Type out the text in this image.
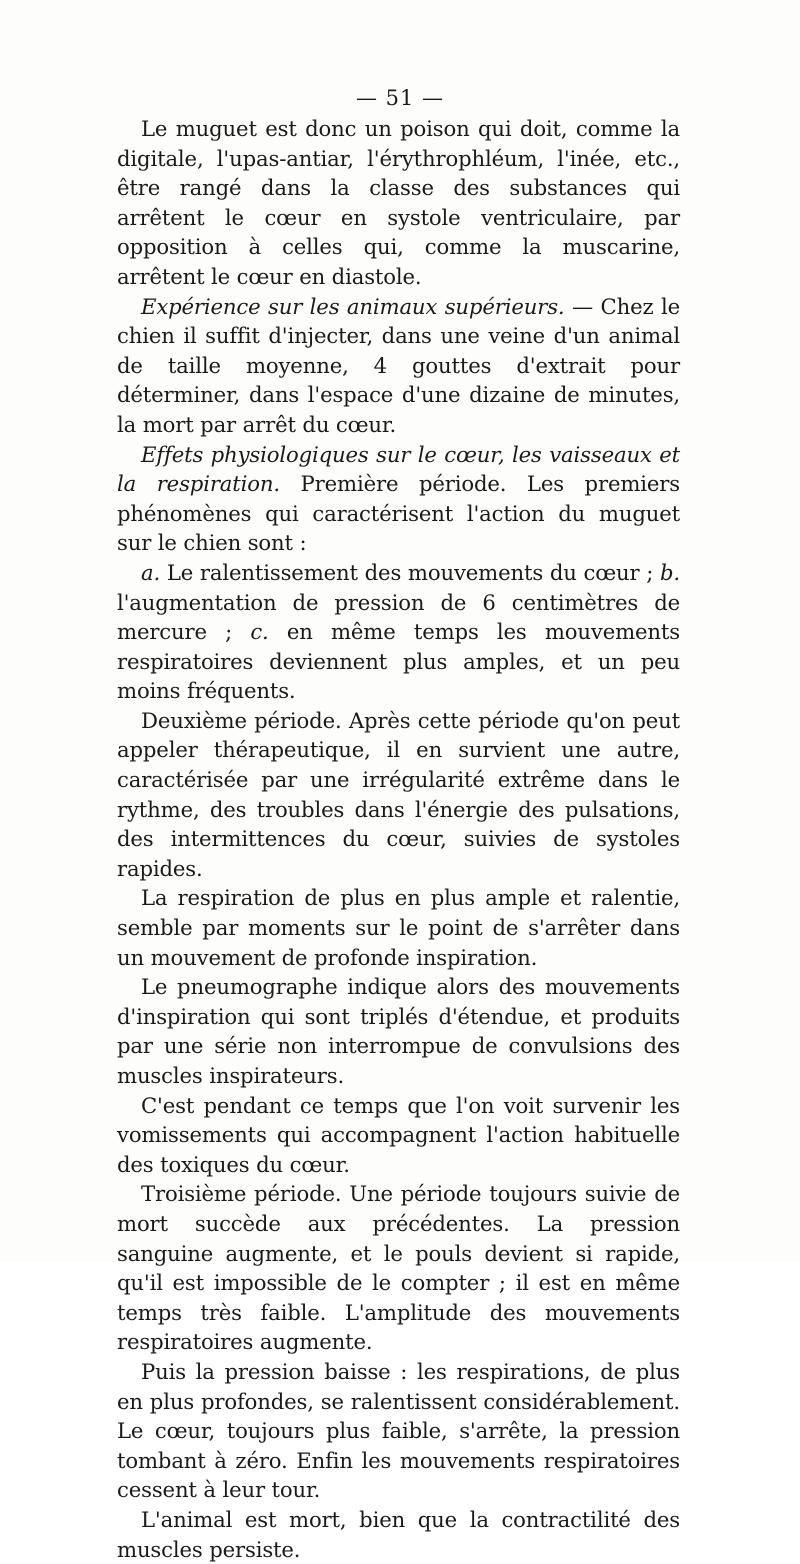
— 51 —

Le muguet est donc un poison qui doit, comme la digitale, l'upas-antiar, l'érythrophléum, l'inée, etc., être rangé dans la classe des substances qui arrêtent le cœur en systole ventriculaire, par opposition à celles qui, comme la muscarine, arrêtent le cœur en diastole.

Expérience sur les animaux supérieurs. — Chez le chien il suffit d'injecter, dans une veine d'un animal de taille moyenne, 4 gouttes d'extrait pour déterminer, dans l'espace d'une dizaine de minutes, la mort par arrêt du cœur.

Effets physiologiques sur le cœur, les vaisseaux et la respiration. Première période. Les premiers phénomènes qui caractérisent l'action du muguet sur le chien sont :

a. Le ralentissement des mouvements du cœur ; b. l'augmentation de pression de 6 centimètres de mercure ; c. en même temps les mouvements respiratoires deviennent plus amples, et un peu moins fréquents.

Deuxième période. Après cette période qu'on peut appeler thérapeutique, il en survient une autre, caractérisée par une irrégularité extrême dans le rythme, des troubles dans l'énergie des pulsations, des intermittences du cœur, suivies de systoles rapides.

La respiration de plus en plus ample et ralentie, semble par moments sur le point de s'arrêter dans un mouvement de profonde inspiration.

Le pneumographe indique alors des mouvements d'inspiration qui sont triplés d'étendue, et produits par une série non interrompue de convulsions des muscles inspirateurs.

C'est pendant ce temps que l'on voit survenir les vomissements qui accompagnent l'action habituelle des toxiques du cœur.

Troisième période. Une période toujours suivie de mort succède aux précédentes. La pression sanguine augmente, et le pouls devient si rapide, qu'il est impossible de le compter ; il est en même temps très faible. L'amplitude des mouvements respiratoires augmente.

Puis la pression baisse : les respirations, de plus en plus profondes, se ralentissent considérablement. Le cœur, toujours plus faible, s'arrête, la pression tombant à zéro. Enfin les mouvements respiratoires cessent à leur tour.

L'animal est mort, bien que la contractilité des muscles persiste.
